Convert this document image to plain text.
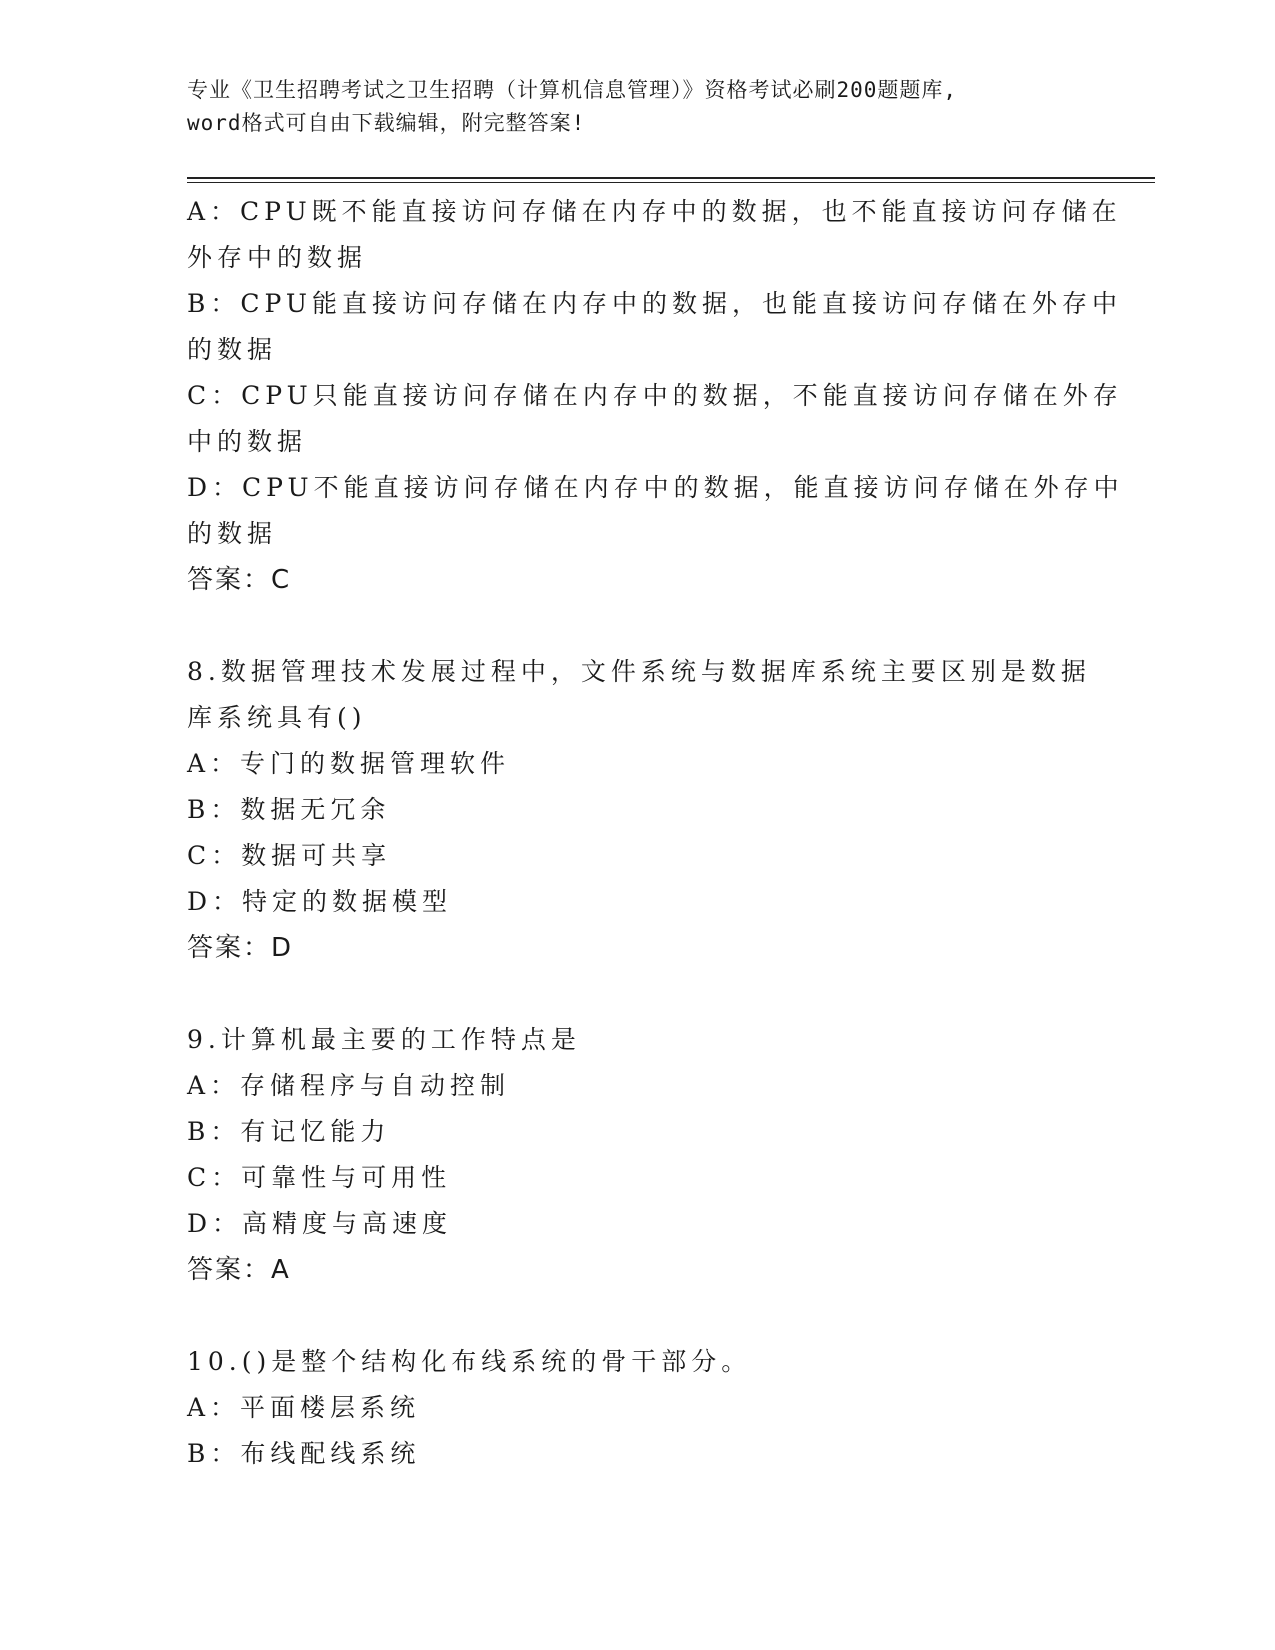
专业《卫生招聘考试之卫生招聘（计算机信息管理）》资格考试必刷200题题库,
word格式可自由下载编辑，附完整答案!
A：CPU既不能直接访问存储在内存中的数据，也不能直接访问存储在
外存中的数据
B：CPU能直接访问存储在内存中的数据，也能直接访问存储在外存中
的数据
C：CPU只能直接访问存储在内存中的数据，不能直接访问存储在外存
中的数据
D：CPU不能直接访问存储在内存中的数据，能直接访问存储在外存中
的数据
答案：C
8.数据管理技术发展过程中，文件系统与数据库系统主要区别是数据
库系统具有()
A：专门的数据管理软件
B：数据无冗余
C：数据可共享
D：特定的数据模型
答案：D
9.计算机最主要的工作特点是
A：存储程序与自动控制
B：有记忆能力
C：可靠性与可用性
D：高精度与高速度
答案：A
10.()是整个结构化布线系统的骨干部分。
A：平面楼层系统
B：布线配线系统
